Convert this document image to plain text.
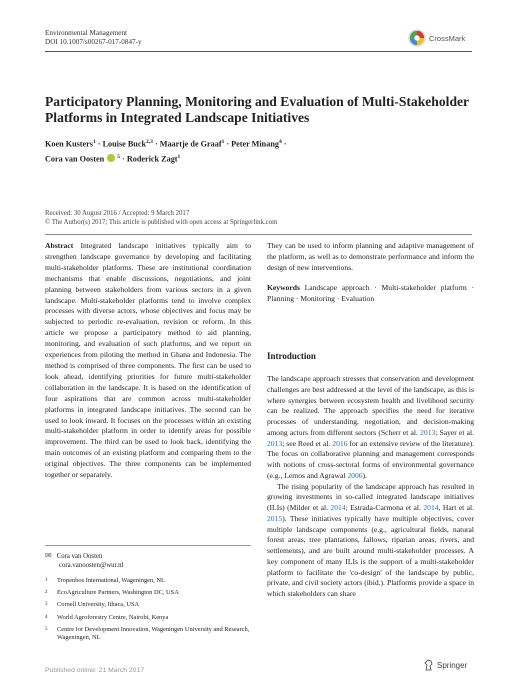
Environmental Management
DOI 10.1007/s00267-017-0847-y	CrossMark
Participatory Planning, Monitoring and Evaluation of Multi-Stakeholder Platforms in Integrated Landscape Initiatives
Koen Kusters$^1$ · Louise Buck$^{2,3}$ · Maartje de Graaf$^1$ · Peter Minang$^4$ ·
Cora van Oosten $^5$ · Roderick Zagt$^1$
Received: 30 August 2016 / Accepted: 9 March 2017
© The Author(s) 2017; This article is published with open access at Springerlink.com

Abstract Integrated landscape initiatives typically aim to strengthen landscape governance by developing and facilitating multi-stakeholder platforms. These are institutional coordination mechanisms that enable discussions, negotiations, and joint planning between stakeholders from various sectors in a given landscape. Multi-stakeholder platforms tend to involve complex processes with diverse actors, whose objectives and focus may be subjected to periodic re-evaluation, revision or reform. In this article we propose a participatory method to aid planning, monitoring, and evaluation of such platforms, and we report on experiences from piloting the method in Ghana and Indonesia. The method is comprised of three components. The first can be used to look ahead, identifying priorities for future multi-stakeholder collaboration in the landscape. It is based on the identification of four aspirations that are common across multi-stakeholder platforms in integrated landscape initiatives. The second can be used to look inward. It focuses on the processes within an existing multi-stakeholder platform in order to identify areas for possible improvement. The third can be used to look back, identifying the main outcomes of an existing platform and comparing them to the original objectives. The three components can be implemented together or separately.

They can be used to inform planning and adaptive management of the platform, as well as to demonstrate performance and inform the design of new interventions.

Keywords Landscape approach · Multi-stakeholder platform · Planning · Monitoring · Evaluation

Introduction

The landscape approach stresses that conservation and development challenges are best addressed at the level of the landscape, as this is where synergies between ecosystem health and livelihood security can be realized. The approach specifies the need for iterative processes of understanding, negotiation, and decision-making among actors from different sectors (Scherr et al. 2013; Sayer et al. 2013; see Reed et al. 2016 for an extensive review of the literature). The focus on collaborative planning and management corresponds with notions of cross-sectoral forms of environmental governance (e.g., Lemos and Agrawal 2006).

The rising popularity of the landscape approach has resulted in growing investments in so-called integrated landscape initiatives (ILIs) (Milder et al. 2014; Estrada-Carmona et al. 2014, Hart et al. 2015). These initiatives typically have multiple objectives, cover multiple landscape components (e.g., agricultural fields, natural forest areas, tree plantations, fallows, riparian areas, rivers, and settlements), and are built around multi-stakeholder processes. A key component of many ILIs is the support of a multi-stakeholder platform to facilitate the 'co-design' of the landscape by public, private, and civil society actors (ibid.). Platforms provide a space in which stakeholders can share

✉ Cora van Oosten
cora.vanoosten@wur.nl
1	Tropenbos International, Wageningen, NL
2	EcoAgriculture Partners, Washington DC, USA
3	Cornell University, Ithaca, USA
4	World Agroforestry Centre, Nairobi, Kenya
5	Centre for Development Innovation, Wageningen University and Research, Wageningen, NL
Published online: 21 March 2017
Springer
